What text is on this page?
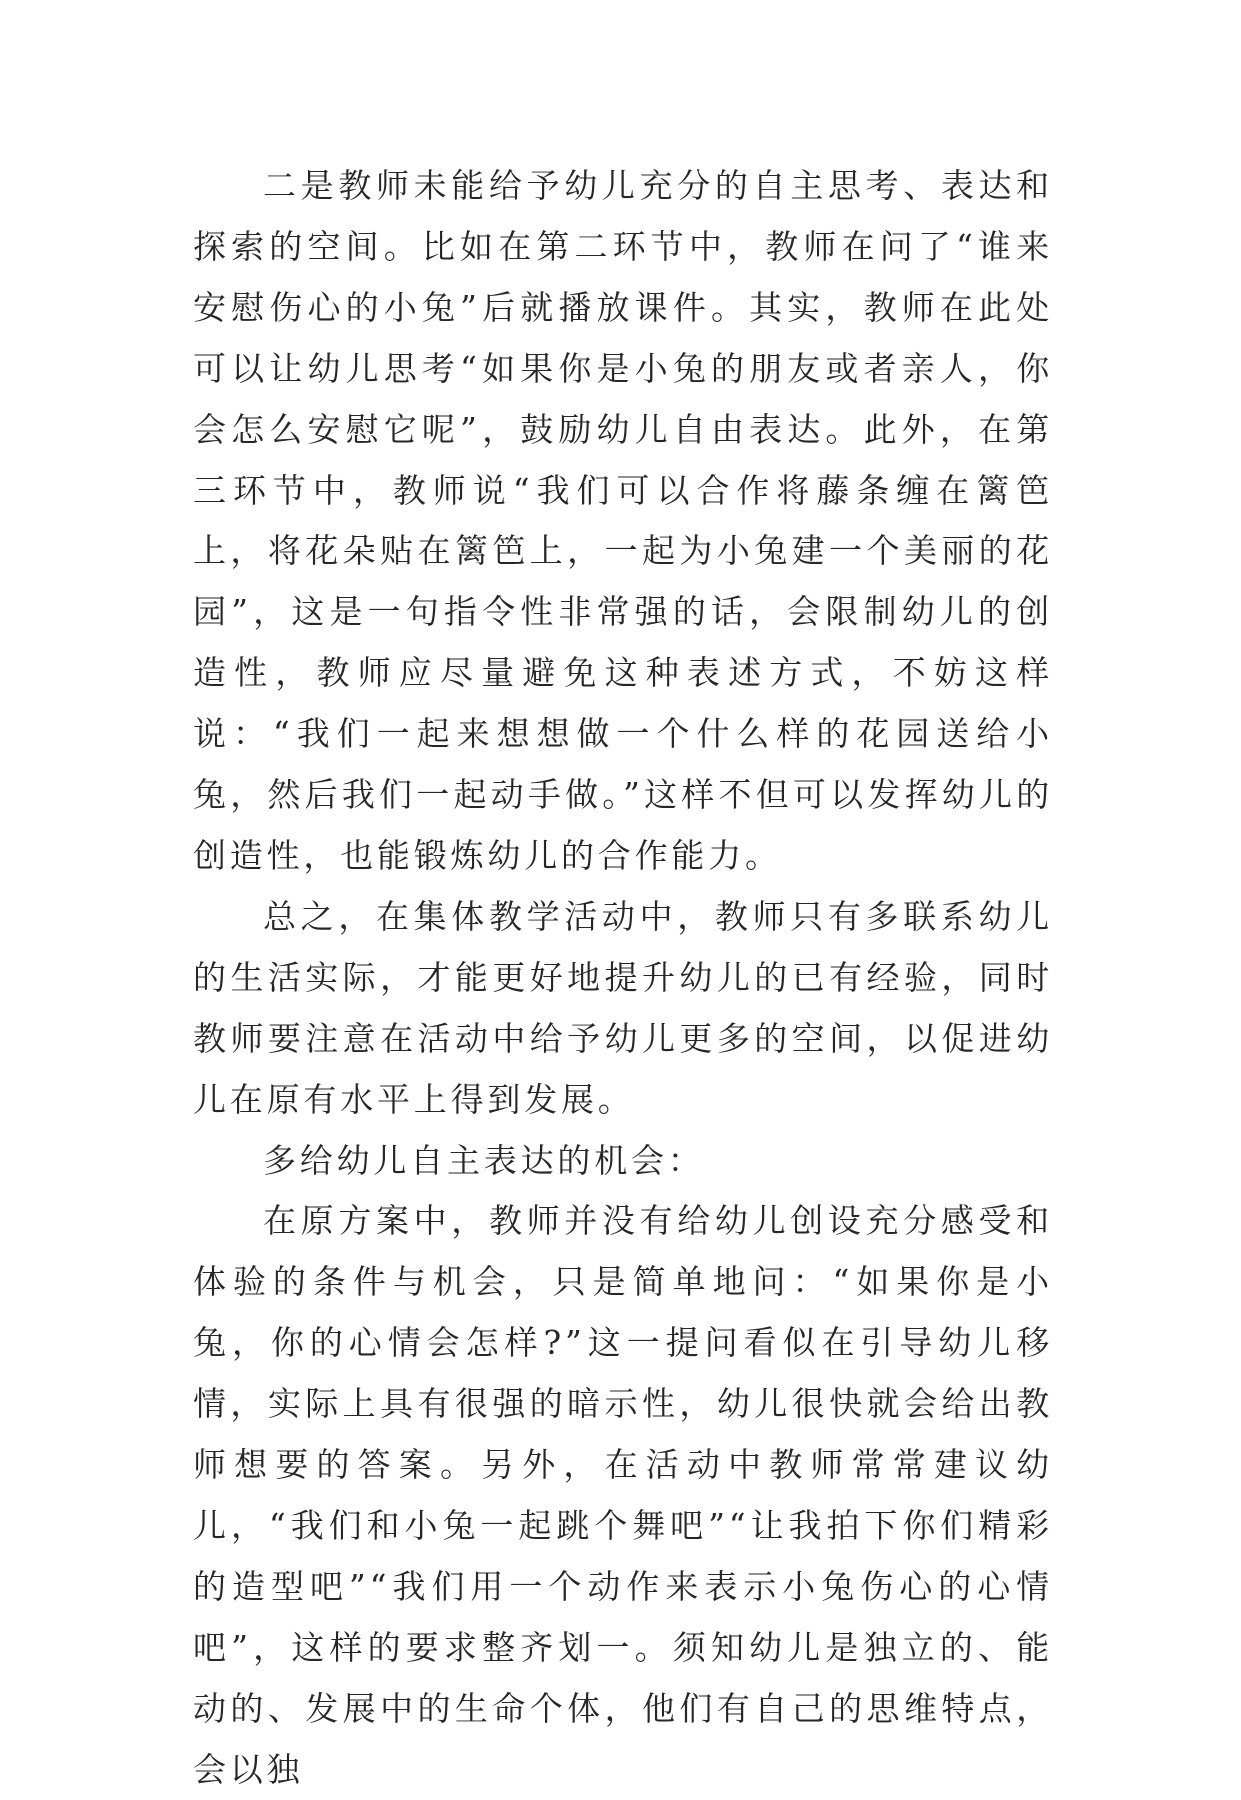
二是教师未能给予幼儿充分的自主思考、表达和探索的空间。比如在第二环节中，教师在问了“谁来安慰伤心的小兔”后就播放课件。其实，教师在此处可以让幼儿思考“如果你是小兔的朋友或者亲人，你会怎么安慰它呢”，鼓励幼儿自由表达。此外，在第三环节中，教师说“我们可以合作将藤条缠在篱笆上，将花朵贴在篱笆上，一起为小兔建一个美丽的花园”，这是一句指令性非常强的话，会限制幼儿的创造性，教师应尽量避免这种表述方式，不妨这样说：“我们一起来想想做一个什么样的花园送给小兔，然后我们一起动手做。”这样不但可以发挥幼儿的创造性，也能锻炼幼儿的合作能力。

总之，在集体教学活动中，教师只有多联系幼儿的生活实际，才能更好地提升幼儿的已有经验，同时教师要注意在活动中给予幼儿更多的空间，以促进幼儿在原有水平上得到发展。

多给幼儿自主表达的机会：

在原方案中，教师并没有给幼儿创设充分感受和体验的条件与机会，只是简单地问：“如果你是小兔，你的心情会怎样?”这一提问看似在引导幼儿移情，实际上具有很强的暗示性，幼儿很快就会给出教师想要的答案。另外，在活动中教师常常建议幼儿，“我们和小兔一起跳个舞吧”“让我拍下你们精彩的造型吧”“我们用一个动作来表示小兔伤心的心情吧”，这样的要求整齐划一。须知幼儿是独立的、能动的、发展中的生命个体，他们有自己的思维特点，会以独
